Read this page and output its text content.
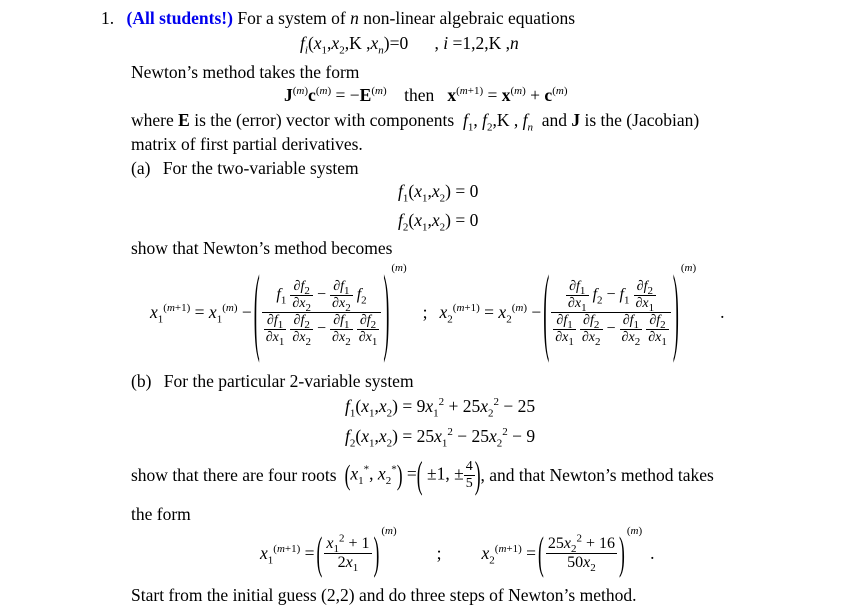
1. (All students!) For a system of n non-linear algebraic equations
$f_i(x_1,x_2,K$ $,x_n)=0$      , i =1,2,K ,n
Newton’s method takes the form
$J^{(m)}c^{(m)} = -E^{(m)}$    then   $x^{(m+1)} = x^{(m)} + c^{(m)}$
where E is the (error) vector with components  $f_1$, $f_2,K$ , $f_n$  and J is the (Jacobian)
matrix of first partial derivatives.
(a) For the two-variable system
$f_1(x_1,x_2) = 0$
$f_2(x_1,x_2) = 0$
show that Newton’s method becomes
$x_1^{(m+1)} = x_1^{(m)}$ − (	$f_1 \frac{\partial f_2}{\partial x_2} - \frac{\partial f_1}{\partial x_2} f_2$
$\frac{\partial f_1}{\partial x_1}$
$\frac{\partial f_2}{\partial x_2} - \frac{\partial f_1}{\partial x_2}$
$\frac{\partial f_2}{\partial x_1}$ ) (m)
; $x_2^{(m+1)} = x_2^{(m)}$ − ( $\frac{\partial f_1}{\partial x_1} f_2 - f_1 \frac{\partial f_2}{\partial x_1}$
$\frac{\partial f_1}{\partial x_1}$
$\frac{\partial f_2}{\partial x_2} - \frac{\partial f_1}{\partial x_2}$
$\frac{\partial f_2}{\partial x_1}$ ) (m)
.
(b) For the particular 2-variable system
$f_1(x_1,x_2) = 9x_1^2 + 25x_2^2 - 25$
$f_2(x_1,x_2) = 25x_1^2 - 25x_2^2 - 9$
show that there are four roots ($x_1^*$, $x_2^*$) =( ±1, ± $\frac{4}{5}$ ) , and that Newton’s method takes
the form
$x_1^{(m+1)}$ = ( $\frac{x_1^2 + 1}{2x_1}$ ) (m)
; $x_2^{(m+1)}$ = ( $\frac{25x_2^2 + 16}{50x_2}$ ) (m)
.
Start from the initial guess (2,2) and do three steps of Newton’s method.
